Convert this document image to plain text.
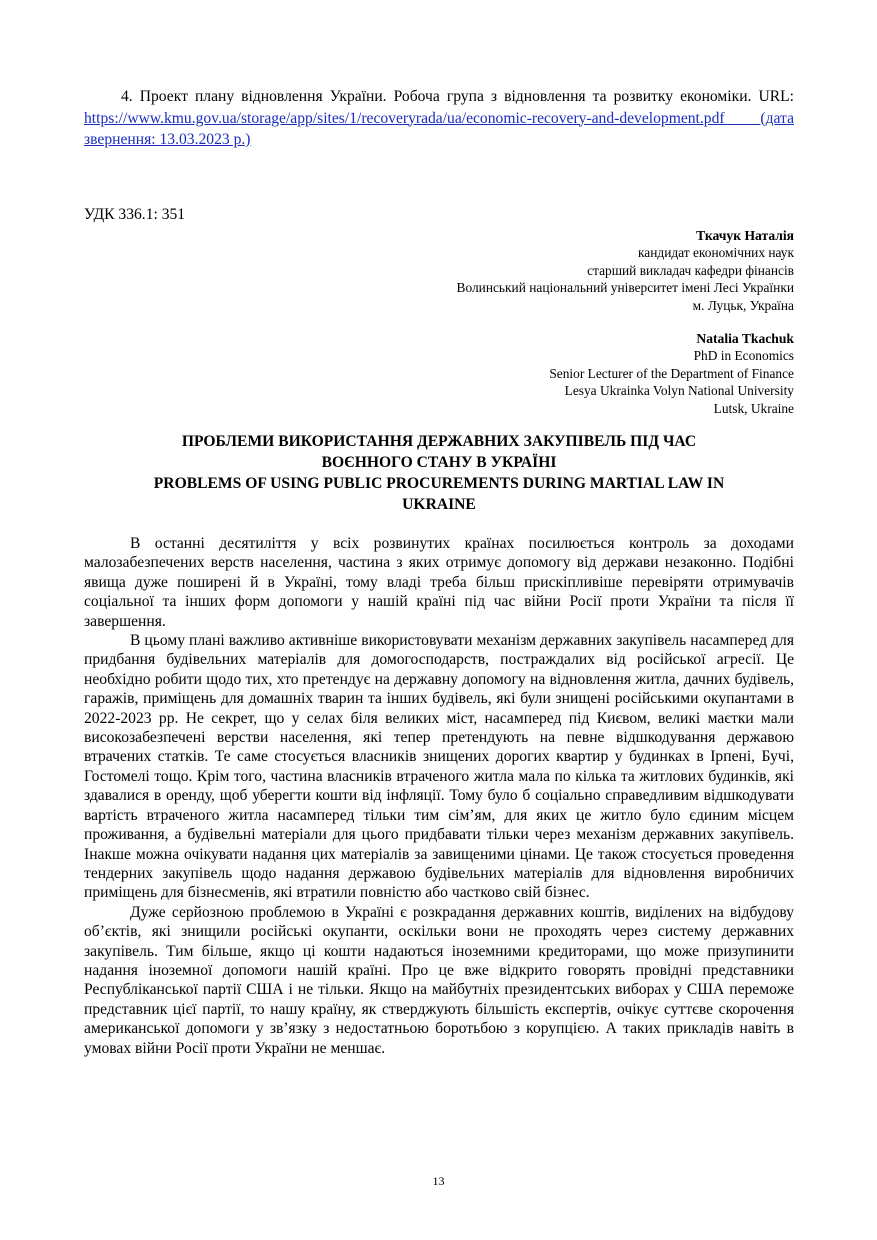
4. Проект плану відновлення України. Робоча група з відновлення та розвитку економіки. URL: https://www.kmu.gov.ua/storage/app/sites/1/recoveryrada/ua/economic-recovery-and-development.pdf (дата звернення: 13.03.2023 р.)
УДК 336.1: 351
Ткачук Наталія
кандидат економічних наук
старший викладач кафедри фінансів
Волинський національний університет імені Лесі Українки
м. Луцьк, Україна
Natalia Tkachuk
PhD in Economics
Senior Lecturer of the Department of Finance
Lesya Ukrainka Volyn National University
Lutsk, Ukraine
ПРОБЛЕМИ ВИКОРИСТАННЯ ДЕРЖАВНИХ ЗАКУПІВЕЛЬ ПІД ЧАС
ВОЄННОГО СТАНУ В УКРАЇНІ
PROBLEMS OF USING PUBLIC PROCUREMENTS DURING MARTIAL LAW IN
UKRAINE

В останні десятиліття у всіх розвинутих країнах посилюється контроль за доходами малозабезпечених верств населення, частина з яких отримує допомогу від держави незаконно. Подібні явища дуже поширені й в Україні, тому владі треба більш прискіпливіше перевіряти отримувачів соціальної та інших форм допомоги у нашій країні під час війни Росії проти України та після її завершення.

В цьому плані важливо активніше використовувати механізм державних закупівель насамперед для придбання будівельних матеріалів для домогосподарств, постраждалих від російської агресії. Це необхідно робити щодо тих, хто претендує на державну допомогу на відновлення житла, дачних будівель, гаражів, приміщень для домашніх тварин та інших будівель, які були знищені російськими окупантами в 2022-2023 рр. Не секрет, що у селах біля великих міст, насамперед під Києвом, великі маєтки мали високозабезпечені верстви населення, які тепер претендують на певне відшкодування державою втрачених статків. Те саме стосується власників знищених дорогих квартир у будинках в Ірпені, Бучі, Гостомелі тощо. Крім того, частина власників втраченого житла мала по кілька та житлових будинків, які здавалися в оренду, щоб уберегти кошти від інфляції. Тому було б соціально справедливим відшкодувати вартість втраченого житла насамперед тільки тим сім’ям, для яких це житло було єдиним місцем проживання, а будівельні матеріали для цього придбавати тільки через механізм державних закупівель. Інакше можна очікувати надання цих матеріалів за завищеними цінами. Це також стосується проведення тендерних закупівель щодо надання державою будівельних матеріалів для відновлення виробничих приміщень для бізнесменів, які втратили повністю або частково свій бізнес.

Дуже серйозною проблемою в Україні є розкрадання державних коштів, виділених на відбудову об’єктів, які знищили російські окупанти, оскільки вони не проходять через систему державних закупівель. Тим більше, якщо ці кошти надаються іноземними кредиторами, що може призупинити надання іноземної допомоги нашій країні. Про це вже відкрито говорять провідні представники Республіканської партії США і не тільки. Якщо на майбутніх президентських виборах у США переможе представник цієї партії, то нашу країну, як стверджують більшість експертів, очікує суттєве скорочення американської допомоги у зв’язку з недостатньою боротьбою з корупцією. А таких прикладів навіть в умовах війни Росії проти України не меншає.

13
